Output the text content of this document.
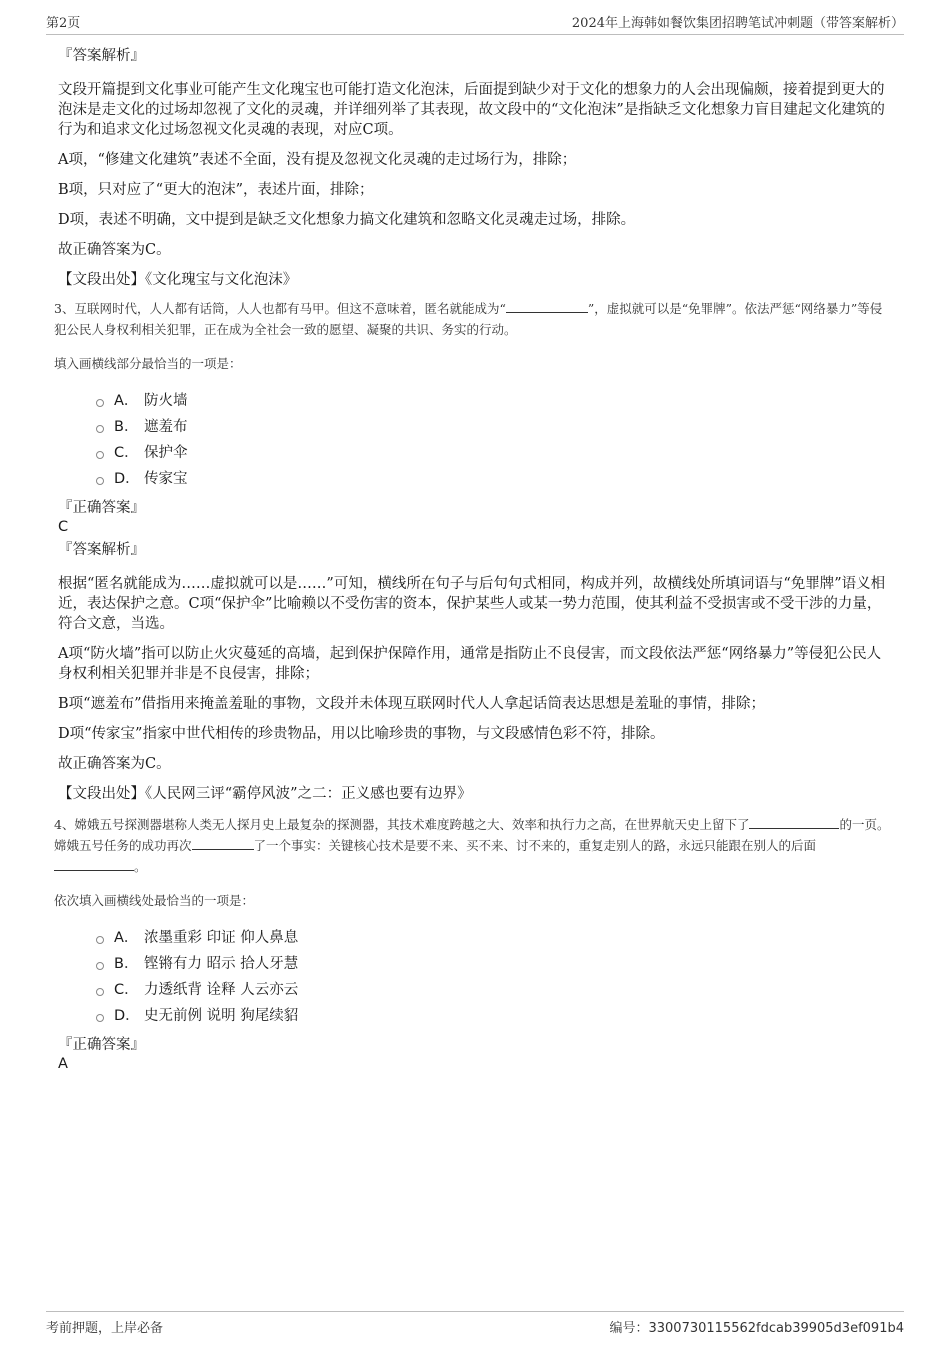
第2页	2024年上海韩如餐饮集团招聘笔试冲刺题（带答案解析）

『答案解析』

文段开篇提到文化事业可能产生文化瑰宝也可能打造文化泡沫，后面提到缺少对于文化的想象力的人会出现偏颇，接着提到更大的泡沫是走文化的过场却忽视了文化的灵魂，并详细列举了其表现，故文段中的“文化泡沫”是指缺乏文化想象力盲目建起文化建筑的行为和追求文化过场忽视文化灵魂的表现，对应C项。

A项，“修建文化建筑”表述不全面，没有提及忽视文化灵魂的走过场行为，排除；

B项，只对应了“更大的泡沫”，表述片面，排除；

D项，表述不明确，文中提到是缺乏文化想象力搞文化建筑和忽略文化灵魂走过场，排除。

故正确答案为C。

【文段出处】《文化瑰宝与文化泡沫》

3、互联网时代，人人都有话筒，人人也都有马甲。但这不意味着，匿名就能成为“	”，虚拟就可以是“免罪牌”。依法严惩“网络暴力”等侵犯公民人身权利相关犯罪，正在成为全社会一致的愿望、凝聚的共识、务实的行动。

填入画横线部分最恰当的一项是：

A． 防火墙
B． 遮羞布
C． 保护伞
D． 传家宝

『正确答案』

C

『答案解析』

根据“匿名就能成为……虚拟就可以是……”可知，横线所在句子与后句句式相同，构成并列，故横线处所填词语与“免罪牌”语义相近，表达保护之意。C项“保护伞”比喻赖以不受伤害的资本，保护某些人或某一势力范围，使其利益不受损害或不受干涉的力量，符合文意，当选。

A项“防火墙”指可以防止火灾蔓延的高墙，起到保护保障作用，通常是指防止不良侵害，而文段依法严惩“网络暴力”等侵犯公民人身权利相关犯罪并非是不良侵害，排除；

B项“遮羞布”借指用来掩盖羞耻的事物，文段并未体现互联网时代人人拿起话筒表达思想是羞耻的事情，排除；

D项“传家宝”指家中世代相传的珍贵物品，用以比喻珍贵的事物，与文段感情色彩不符，排除。

故正确答案为C。

【文段出处】《人民网三评“霸停风波”之二：正义感也要有边界》

4、嫦娥五号探测器堪称人类无人探月史上最复杂的探测器，其技术难度跨越之大、效率和执行力之高，在世界航天史上留下了	的一页。嫦娥五号任务的成功再次	了一个事实：关键核心技术是要不来、买不来、讨不来的，重复走别人的路，永远只能跟在别人的后面。

依次填入画横线处最恰当的一项是：

A． 浓墨重彩 印证 仰人鼻息
B． 铿锵有力 昭示 拾人牙慧
C． 力透纸背 诠释 人云亦云
D． 史无前例 说明 狗尾续貂

『正确答案』

A

考前押题，上岸必备	编号：3300730115562fdcab39905d3ef091b4
